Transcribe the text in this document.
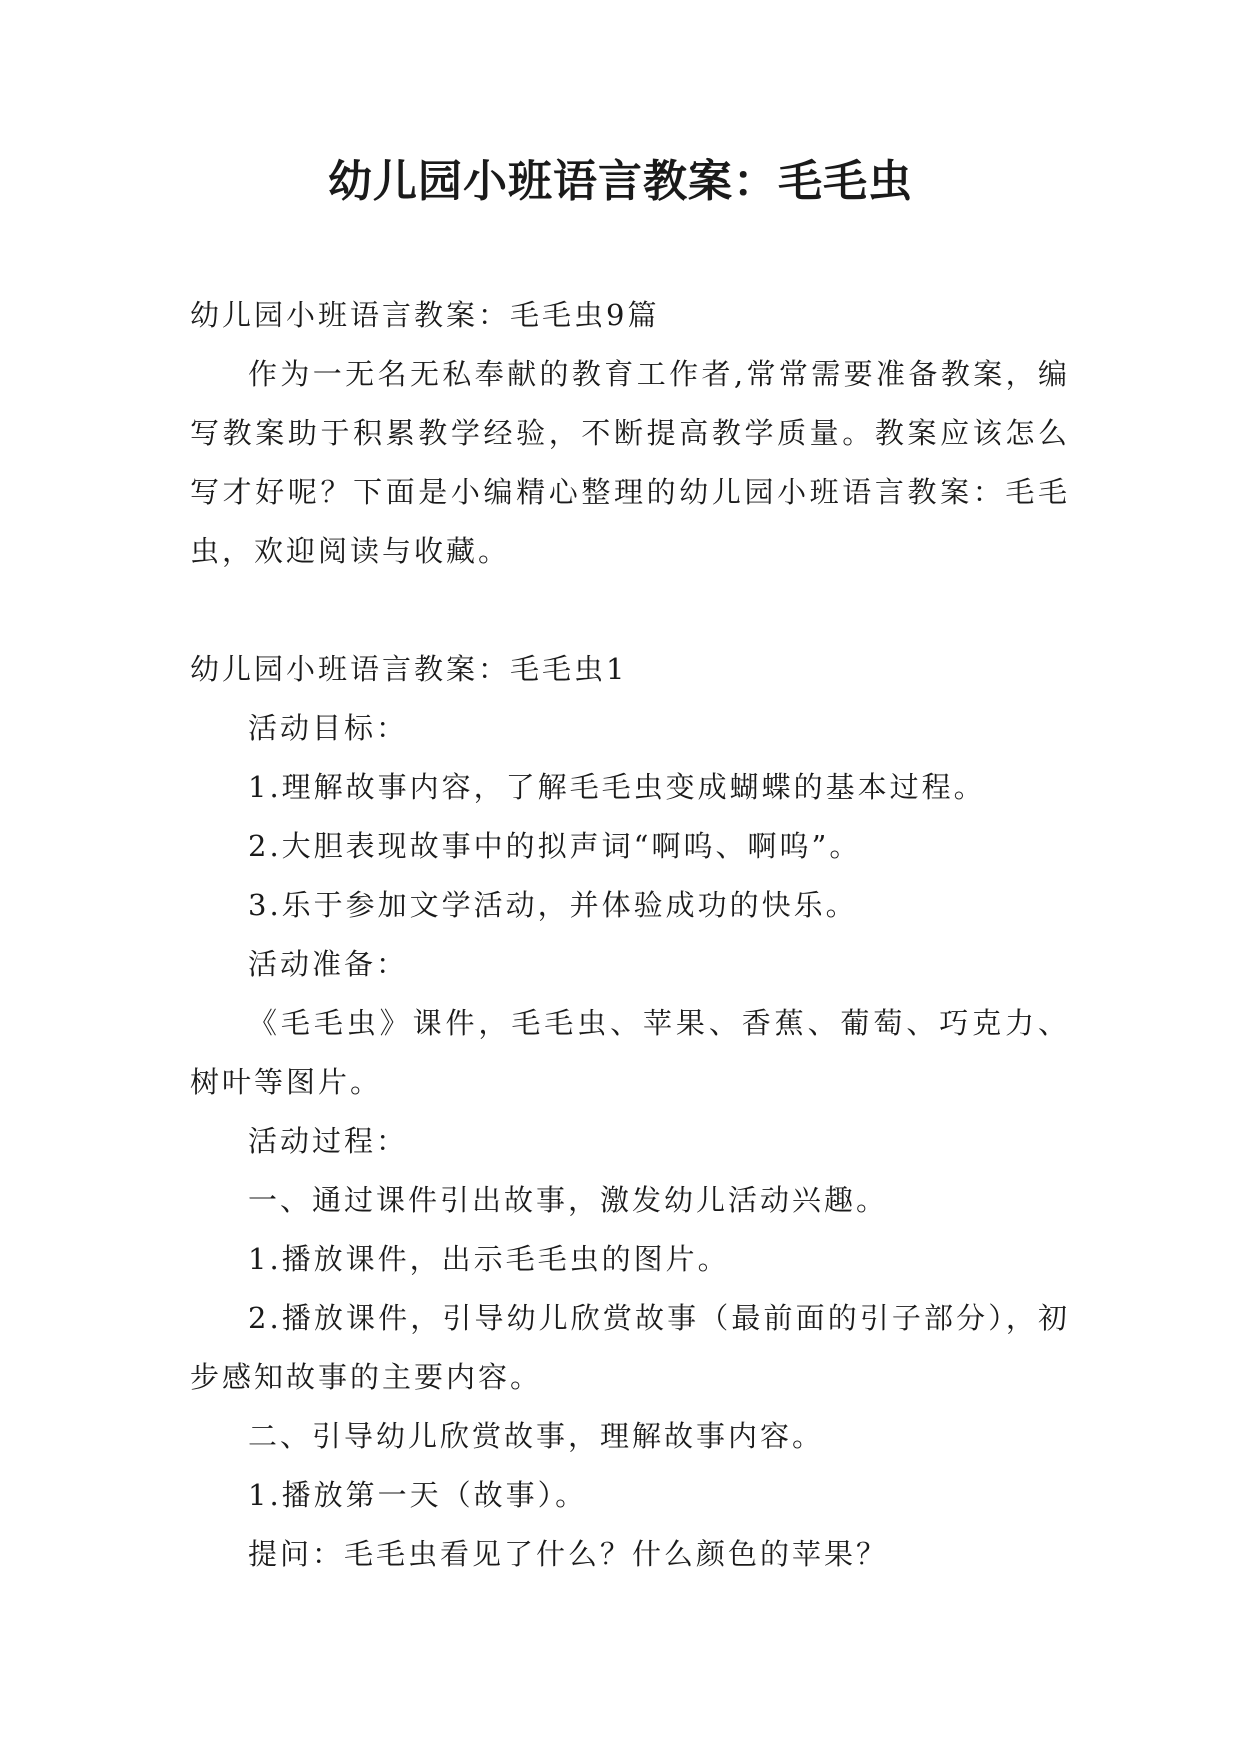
幼儿园小班语言教案：毛毛虫

幼儿园小班语言教案：毛毛虫9篇

作为一无名无私奉献的教育工作者,常常需要准备教案，编写教案助于积累教学经验，不断提高教学质量。教案应该怎么写才好呢？下面是小编精心整理的幼儿园小班语言教案：毛毛虫，欢迎阅读与收藏。

幼儿园小班语言教案：毛毛虫1

活动目标：

1.理解故事内容，了解毛毛虫变成蝴蝶的基本过程。

2.大胆表现故事中的拟声词“啊呜、啊呜”。

3.乐于参加文学活动，并体验成功的快乐。

活动准备：

《毛毛虫》课件，毛毛虫、苹果、香蕉、葡萄、巧克力、树叶等图片。

活动过程：

一、通过课件引出故事，激发幼儿活动兴趣。

1.播放课件，出示毛毛虫的图片。

2.播放课件，引导幼儿欣赏故事（最前面的引子部分），初步感知故事的主要内容。

二、引导幼儿欣赏故事，理解故事内容。

1.播放第一天（故事）。

提问：毛毛虫看见了什么？什么颜色的苹果？
